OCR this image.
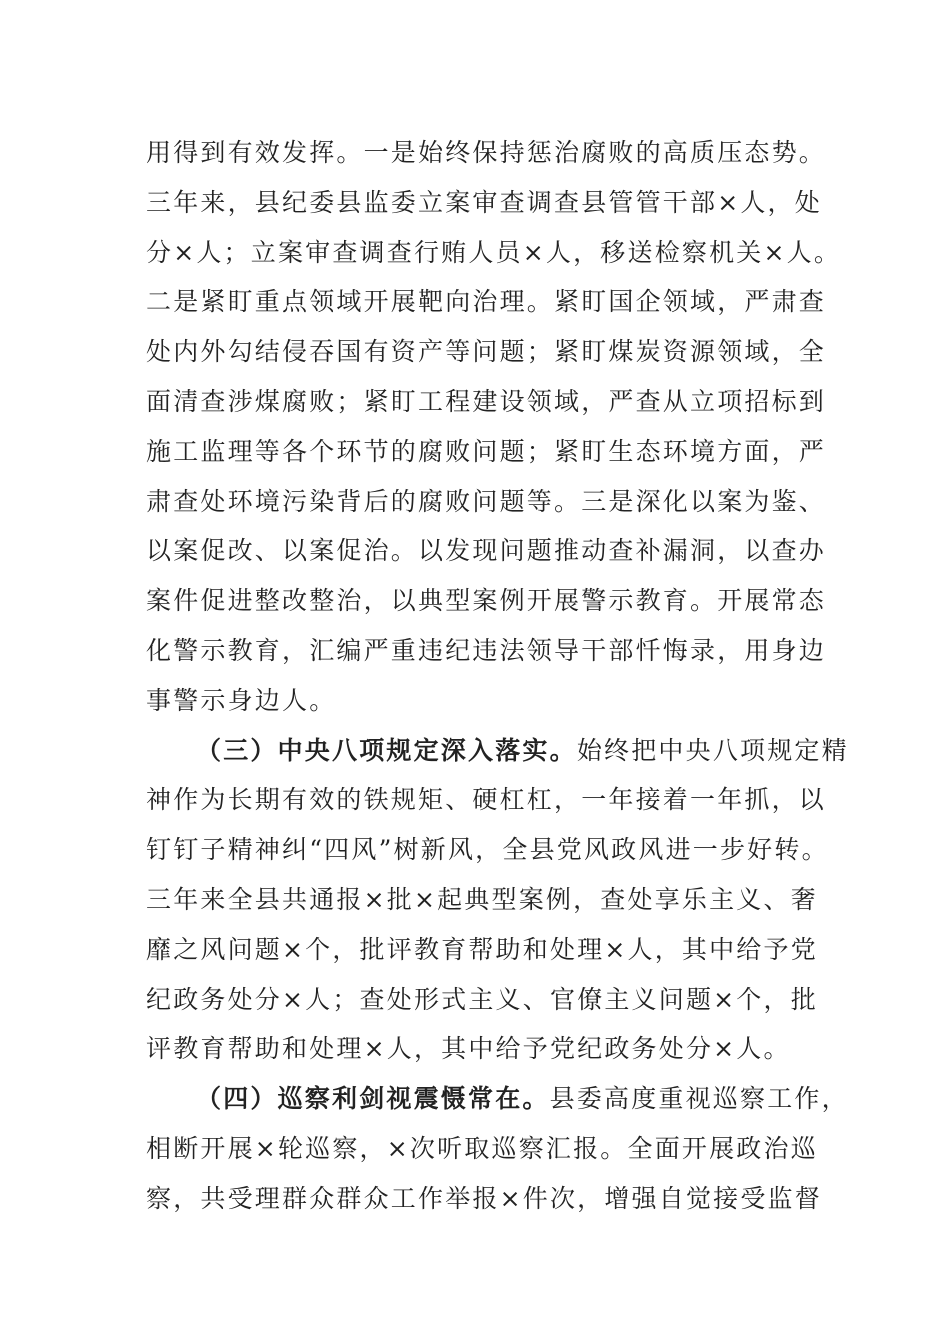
用得到有效发挥。一是始终保持惩治腐败的高质压态势。
三年来，县纪委县监委立案审查调查县管管干部×人，处
分×人；立案审查调查行贿人员×人，移送检察机关×人。
二是紧盯重点领域开展靶向治理。紧盯国企领域，严肃查
处内外勾结侵吞国有资产等问题；紧盯煤炭资源领域，全
面清查涉煤腐败；紧盯工程建设领域，严查从立项招标到
施工监理等各个环节的腐败问题；紧盯生态环境方面，严
肃查处环境污染背后的腐败问题等。三是深化以案为鉴、
以案促改、以案促治。以发现问题推动查补漏洞，以查办
案件促进整改整治，以典型案例开展警示教育。开展常态
化警示教育，汇编严重违纪违法领导干部忏悔录，用身边
事警示身边人。
（三）中央八项规定深入落实。始终把中央八项规定精
神作为长期有效的铁规矩、硬杠杠，一年接着一年抓，以
钉钉子精神纠“四风”树新风，全县党风政风进一步好转。
三年来全县共通报×批×起典型案例，查处享乐主义、奢
靡之风问题×个，批评教育帮助和处理×人，其中给予党
纪政务处分×人；查处形式主义、官僚主义问题×个，批
评教育帮助和处理×人，其中给予党纪政务处分×人。
（四）巡察利剑视震慑常在。县委高度重视巡察工作，
相断开展×轮巡察，×次听取巡察汇报。全面开展政治巡
察，共受理群众群众工作举报×件次，增强自觉接受监督
